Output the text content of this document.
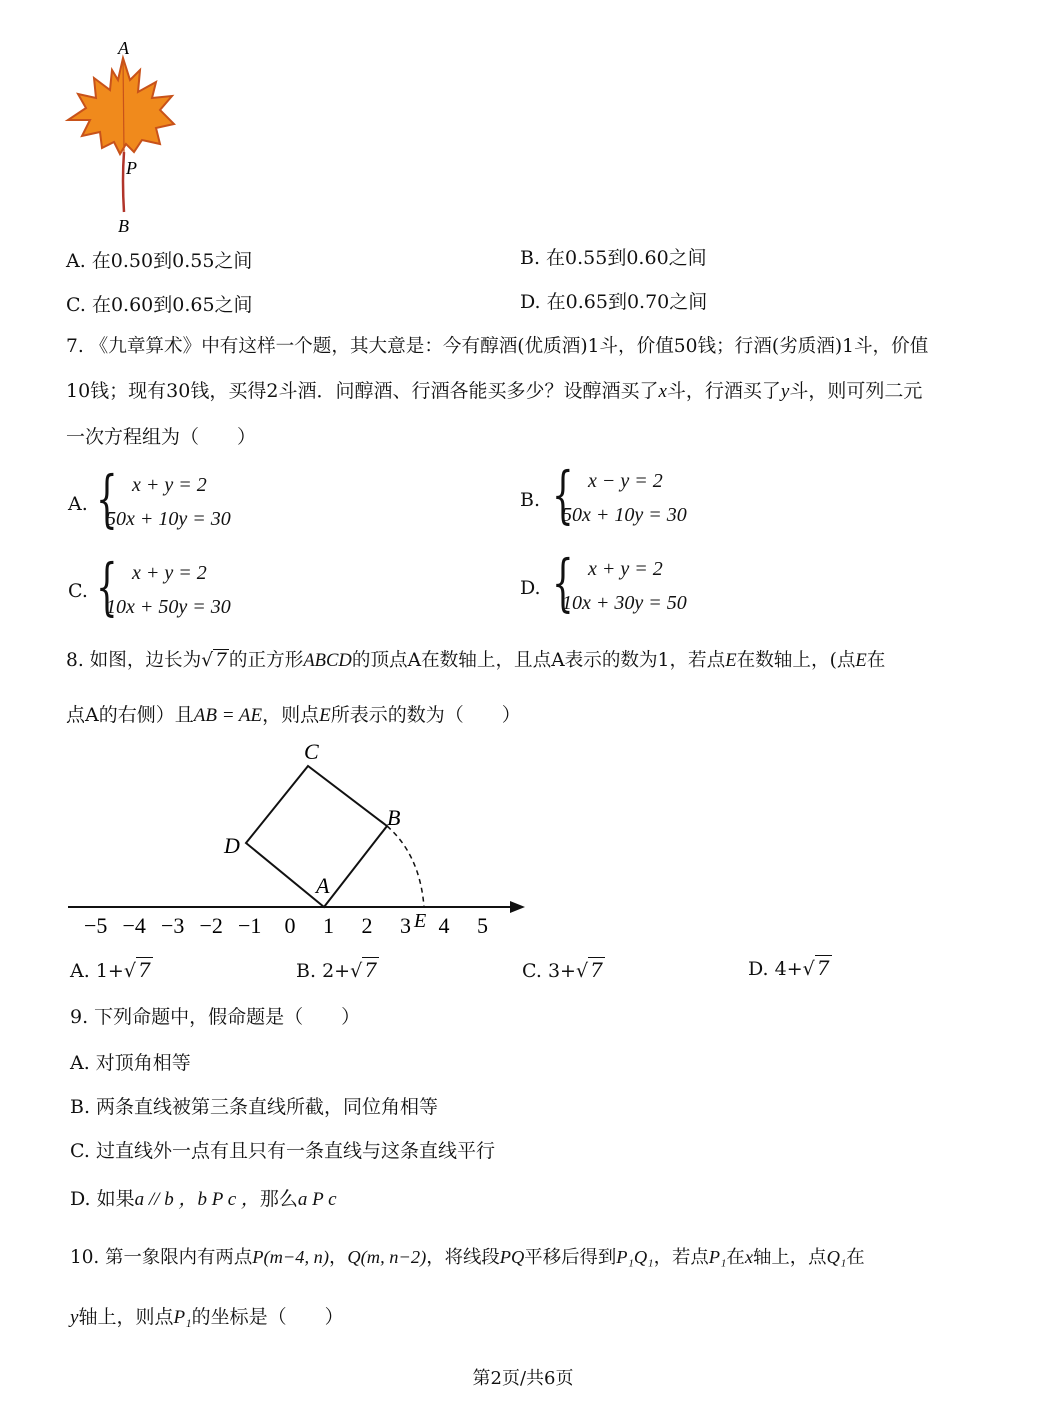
A
P
B
A. 在0.50到0.55之间	B. 在0.55到0.60之间
C. 在0.60到0.65之间	D. 在0.65到0.70之间
7. 《九章算术》中有这样一个题，其大意是：今有醇酒(优质酒)1斗，价值50钱；行酒(劣质酒)1斗，价值
10钱；现有30钱，买得2斗酒．问醇酒、行酒各能买多少？设醇酒买了x斗，行酒买了y斗，则可列二元
一次方程组为（　　）
A. { x + y = 2
50x + 10y = 30
B. { x − y = 2
50x + 10y = 30
C. { x + y = 2
10x + 50y = 30
D. { x + y = 2
10x + 30y = 50
8. 如图，边长为√ 7 的正方形ABCD的顶点A在数轴上，且点A表示的数为1，若点E在数轴上，(点E在
点A的右侧）且AB = AE，则点E所表示的数为（　　）
C
B
D
A
E
−5 −4 −3 −2 −1 0 1 2 3 4 5
A. 1+√ 7	B. 2+√ 7	C. 3+√ 7	D. 4+√ 7
9. 下列命题中，假命题是（　　）
A. 对顶角相等
B. 两条直线被第三条直线所截，同位角相等
C. 过直线外一点有且只有一条直线与这条直线平行
D. 如果a // b ，b P c ，那么a P c
10. 第一象限内有两点P(m−4, n)，Q(m, n−2)，将线段PQ平移后得到P₁Q₁，若点P₁在x轴上，点Q₁在
y轴上，则点P₁的坐标是（　　）
第2页/共6页
